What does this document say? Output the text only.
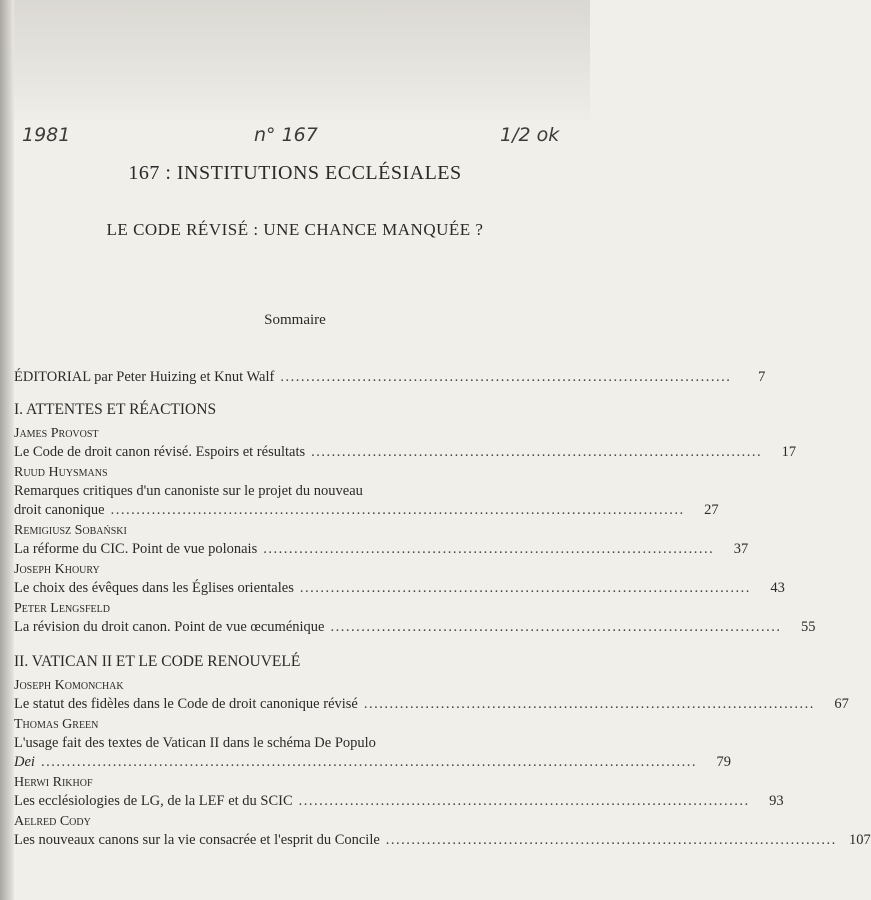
1981	n° 167	1/2 ok
167 : INSTITUTIONS ECCLÉSIALES
LE CODE RÉVISÉ : UNE CHANCE MANQUÉE ?
Sommaire
ÉDITORIAL par Peter Huizing et Knut Walf ........................................................................................	7
I. ATTENTES ET RÉACTIONS
James Provost
Le Code de droit canon révisé. Espoirs et résultats ........................................................................................	17
Ruud Huysmans
Remarques critiques d'un canoniste sur le projet du nouveau
droit canonique ................................................................................................................	27
Remigiusz Sobański
La réforme du CIC. Point de vue polonais ........................................................................................	37
Joseph Khoury
Le choix des évêques dans les Églises orientales ........................................................................................	43
Peter Lengsfeld
La révision du droit canon. Point de vue œcuménique ........................................................................................	55
II. VATICAN II ET LE CODE RENOUVELÉ
Joseph Komonchak
Le statut des fidèles dans le Code de droit canonique révisé ........................................................................................	67
Thomas Green
L'usage fait des textes de Vatican II dans le schéma De Populo
Dei ................................................................................................................................	79
Herwi Rikhof
Les ecclésiologies de LG, de la LEF et du SCIC ........................................................................................	93
Aelred Cody
Les nouveaux canons sur la vie consacrée et l'esprit du Concile ........................................................................................ 107
